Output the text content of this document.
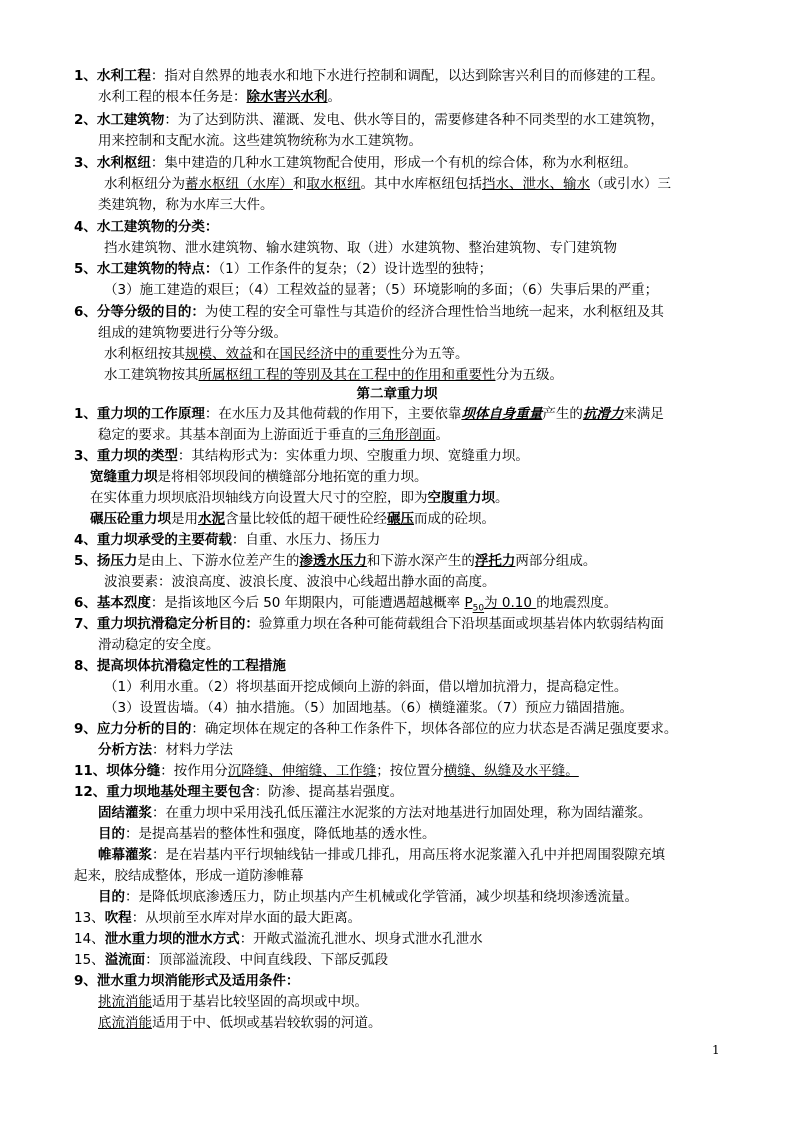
1、水利工程：指对自然界的地表水和地下水进行控制和调配，以达到除害兴利目的而修建的工程。
水利工程的根本任务是：除水害兴水利。
2、水工建筑物：为了达到防洪、灌溉、发电、供水等目的，需要修建各种不同类型的水工建筑物，
用来控制和支配水流。这些建筑物统称为水工建筑物。
3、水利枢纽：集中建造的几种水工建筑物配合使用，形成一个有机的综合体，称为水利枢纽。
水利枢纽分为蓄水枢纽（水库）和取水枢纽。其中水库枢纽包括挡水、泄水、输水（或引水）三
类建筑物，称为水库三大件。
4、水工建筑物的分类：
挡水建筑物、泄水建筑物、输水建筑物、取（进）水建筑物、整治建筑物、专门建筑物
5、水工建筑物的特点：（1）工作条件的复杂；（2）设计选型的独特；
（3）施工建造的艰巨；（4）工程效益的显著；（5）环境影响的多面；（6）失事后果的严重；
6、分等分级的目的：为使工程的安全可靠性与其造价的经济合理性恰当地统一起来，水利枢纽及其
组成的建筑物要进行分等分级。
水利枢纽按其规模、效益和在国民经济中的重要性分为五等。
水工建筑物按其所属枢纽工程的等别及其在工程中的作用和重要性分为五级。
第二章重力坝
1、重力坝的工作原理：在水压力及其他荷载的作用下，主要依靠坝体自身重量产生的抗滑力来满足
稳定的要求。其基本剖面为上游面近于垂直的三角形剖面。
3、重力坝的类型：其结构形式为：实体重力坝、空腹重力坝、宽缝重力坝。
宽缝重力坝是将相邻坝段间的横缝部分地拓宽的重力坝。
在实体重力坝坝底沿坝轴线方向设置大尺寸的空腔，即为空腹重力坝。
碾压砼重力坝是用水泥含量比较低的超干硬性砼经碾压而成的砼坝。
4、重力坝承受的主要荷载：自重、水压力、扬压力
5、扬压力是由上、下游水位差产生的渗透水压力和下游水深产生的浮托力两部分组成。
波浪要素：波浪高度、波浪长度、波浪中心线超出静水面的高度。
6、基本烈度：是指该地区今后 50 年期限内，可能遭遇超越概率 $P_{50}$为 0.10 的地震烈度。
7、重力坝抗滑稳定分析目的：验算重力坝在各种可能荷载组合下沿坝基面或坝基岩体内软弱结构面
滑动稳定的安全度。
8、提高坝体抗滑稳定性的工程措施
（1）利用水重。（2）将坝基面开挖成倾向上游的斜面，借以增加抗滑力，提高稳定性。
（3）设置齿墙。（4）抽水措施。（5）加固地基。（6）横缝灌浆。（7）预应力锚固措施。
9、应力分析的目的：确定坝体在规定的各种工作条件下，坝体各部位的应力状态是否满足强度要求。
分析方法：材料力学法
11、坝体分缝：按作用分沉降缝、伸缩缝、工作缝；按位置分横缝、纵缝及水平缝。
12、重力坝地基处理主要包含：防渗、提高基岩强度。
固结灌浆：在重力坝中采用浅孔低压灌注水泥浆的方法对地基进行加固处理，称为固结灌浆。
目的：是提高基岩的整体性和强度，降低地基的透水性。
帷幕灌浆：是在岩基内平行坝轴线钻一排或几排孔，用高压将水泥浆灌入孔中并把周围裂隙充填
起来，胶结成整体，形成一道防渗帷幕
目的：是降低坝底渗透压力，防止坝基内产生机械或化学管涌，减少坝基和绕坝渗透流量。
13、吹程：从坝前至水库对岸水面的最大距离。
14、泄水重力坝的泄水方式：开敞式溢流孔泄水、坝身式泄水孔泄水
15、溢流面：顶部溢流段、中间直线段、下部反弧段
9、泄水重力坝消能形式及适用条件：
挑流消能适用于基岩比较坚固的高坝或中坝。
底流消能适用于中、低坝或基岩较软弱的河道。
1
